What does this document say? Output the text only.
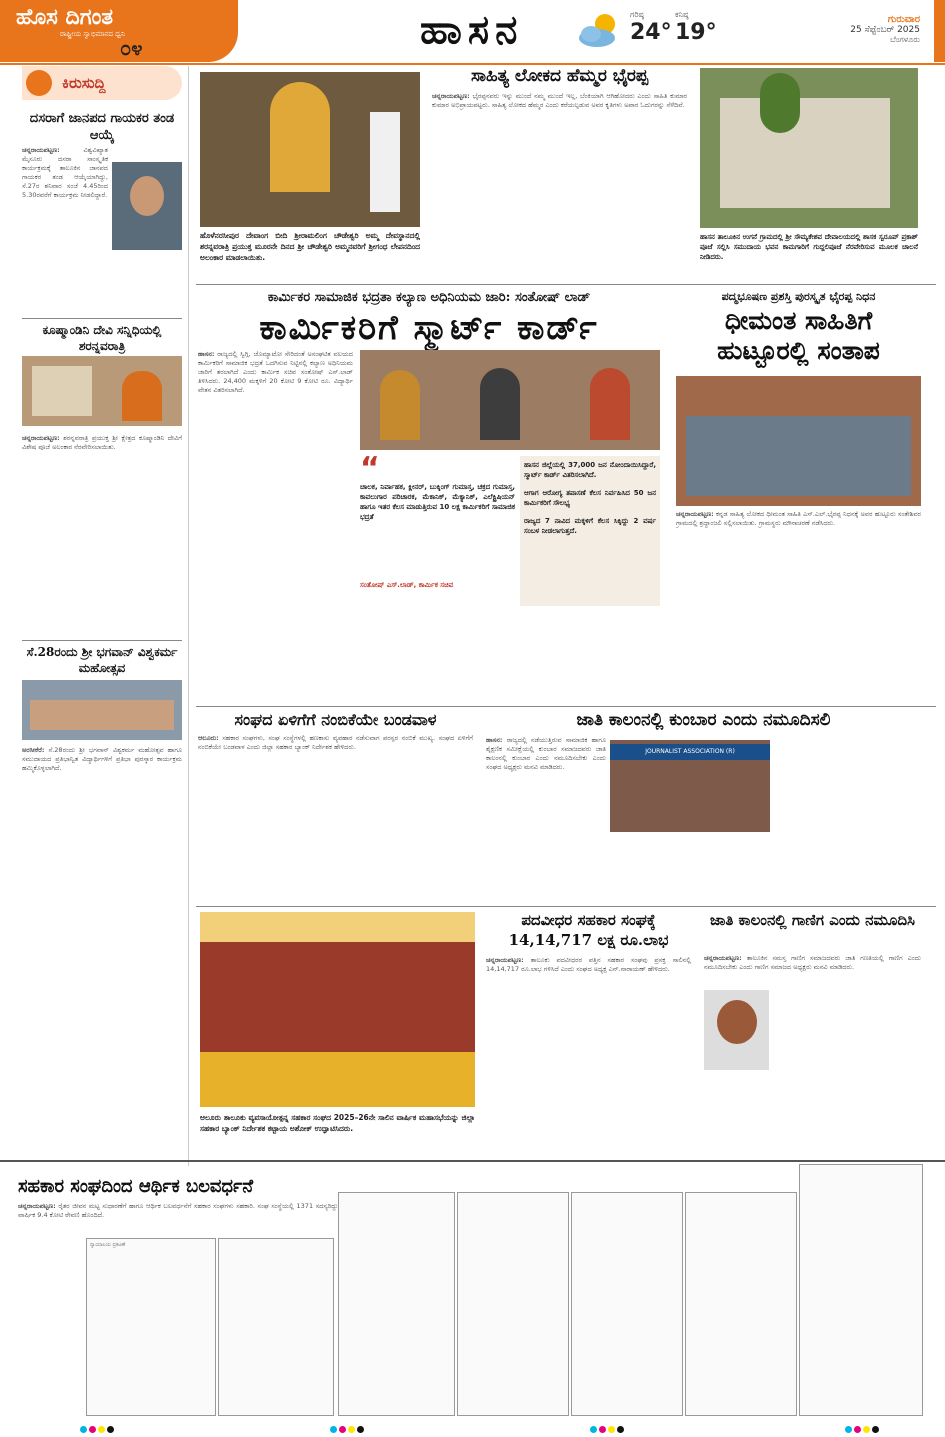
ಹೊಸ ದಿಗಂತ
ರಾಷ್ಟ್ರೀಯ ಸ್ವಾಭಿಮಾನದ ಧ್ವನಿ
೦೪	ಹಾಸನ	ಗರಿಷ್ಠ
24°
ಕನಿಷ್ಠ
19°
ಗುರುವಾರ
25 ಸೆಪ್ಟೆಂಬರ್ 2025
ಬೆಂಗಳೂರು
ಕಿರುಸುದ್ದಿ
ದಸರಾಗೆ ಜಾನಪದ ಗಾಯಕರ ತಂಡ ಆಯ್ಕೆ
ಚನ್ನರಾಯಪಟ್ಟಣ:	ವಿಶ್ವವಿಖ್ಯಾತ ಮೈಸೂರು ದಸರಾ ಸಾಂಸ್ಕೃತಿಕ ಕಾರ್ಯಕ್ರಮಕ್ಕೆ ತಾಲೂಕಿನ ಜಾನಪದ ಗಾಯಕರ ತಂಡ ಆಯ್ಕೆಯಾಗಿದ್ದು, ಸೆ.27ರ ಶನಿವಾರ ಸಂಜೆ 4.45ರಿಂದ 5.30ರವರೆಗೆ ಕಾರ್ಯಕ್ರಮ ನೀಡಲಿದ್ದಾರೆ.
ಕೂಷ್ಮಾಂಡಿನಿ ದೇವಿ ಸನ್ನಿಧಿಯಲ್ಲಿ ಶರನ್ನವರಾತ್ರಿ
ಚನ್ನರಾಯಪಟ್ಟಣ: ಶರನ್ನವರಾತ್ರಿ ಪ್ರಯುಕ್ತ ಶ್ರೀ ಕ್ಷೇತ್ರದ ಕೂಷ್ಮಾಂಡಿನಿ ದೇವಿಗೆ ವಿಶೇಷ ಪೂಜೆ ಅಲಂಕಾರ ನೆರವೇರಿಸಲಾಯಿತು.
ಸೆ.28ರಂದು ಶ್ರೀ ಭಗವಾನ್ ವಿಶ್ವಕರ್ಮ ಮಹೋತ್ಸವ
ಅರಸೀಕೆರೆ: ಸೆ.28ರಂದು ಶ್ರೀ ಭಗವಾನ್ ವಿಶ್ವಕರ್ಮ ಮಹೋತ್ಸವ ಹಾಗೂ ಸಮುದಾಯದ ಪ್ರತಿಭಾನ್ವಿತ ವಿದ್ಯಾರ್ಥಿಗಳಿಗೆ ಪ್ರತಿಭಾ ಪುರಸ್ಕಾರ ಕಾರ್ಯಕ್ರಮ ಹಮ್ಮಿಕೊಳ್ಳಲಾಗಿದೆ.
ಹೊಳೆನರಸೀಪುರ ದೇವಾಂಗ ಬೀದಿ ಶ್ರೀರಾಮಲಿಂಗ ಚೌಡೇಶ್ವರಿ ಅಮ್ಮ ದೇವಸ್ಥಾನದಲ್ಲಿ ಶರನ್ನವರಾತ್ರಿ ಪ್ರಯುಕ್ತ ಮೂರನೇ ದಿನದ ಶ್ರೀ ಚೌಡೇಶ್ವರಿ ಅಮ್ಮನವರಿಗೆ ಶ್ರೀಗಂಧ ಲೇಪನದಿಂದ ಅಲಂಕಾರ ಮಾಡಲಾಯಿತು.
ಸಾಹಿತ್ಯ ಲೋಕದ ಹೆಮ್ಮರ ಭೈರಪ್ಪ
ಚನ್ನರಾಯಪಟ್ಟಣ: ಭೈರಪ್ಪನವರು ಇನ್ನು ಮುಂದೆ ನಮ್ಮ ಮುಂದೆ ಇಲ್ಲ, ಬೆಂಕಿಯಾಗಿ ಆಗಿಹೋದರು ಎಂದು ಸಾಹಿತಿ ಕುಮಾರ ಕುಮಾರ ಅಭಿಪ್ರಾಯಪಟ್ಟರು. ಸಾಹಿತ್ಯ ಲೋಕದ ಹೆಮ್ಮರ ಎಂದು ಕರೆಯಲ್ಪಡುವ ಅವರ ಕೃತಿಗಳು ಅಪಾರ ಓದುಗರನ್ನು ಸೆಳೆದಿವೆ.
ಹಾಸನ ತಾಲೂಕಿನ ಉಗನೆ ಗ್ರಾಮದಲ್ಲಿ ಶ್ರೀ ಸೌಮ್ಯಕೇಶವ ದೇವಾಲಯದಲ್ಲಿ ಶಾಸಕ ಸ್ವರೂಪ್ ಪ್ರಕಾಶ್ ಪೂಜೆ ಸಲ್ಲಿಸಿ ಸಮುದಾಯ ಭವನ ಕಾಮಗಾರಿಗೆ ಗುದ್ದಲಿಪೂಜೆ ನೆರವೇರಿಸುವ ಮೂಲಕ ಚಾಲನೆ ನೀಡಿದರು.
ಕಾರ್ಮಿಕರ ಸಾಮಾಜಿಕ ಭದ್ರತಾ ಕಲ್ಯಾಣ ಅಧಿನಿಯಮ ಜಾರಿ: ಸಂತೋಷ್ ಲಾಡ್
ಕಾರ್ಮಿಕರಿಗೆ ಸ್ಮಾರ್ಟ್ ಕಾರ್ಡ್
ಹಾಸನ: ರಾಜ್ಯದಲ್ಲಿ ಸ್ವಿಗ್ಗಿ, ಜೊಮ್ಯಾಟೋ ಸೇರಿದಂತೆ ಅಸಂಘಟಿತ ವಲಯದ ಕಾರ್ಮಿಕರಿಗೆ ಸಾಮಾಜಿಕ ಭದ್ರತೆ ಒದಗಿಸುವ ನಿಟ್ಟಿನಲ್ಲಿ ಕಲ್ಯಾಣ ಅಧಿನಿಯಮ ಜಾರಿಗೆ ತರಲಾಗಿದೆ ಎಂದು ಕಾರ್ಮಿಕ ಸಚಿವ ಸಂತೋಷ್ ಎಸ್.ಲಾಡ್ ತಿಳಿಸಿದರು. 24,400 ಮಕ್ಕಳಿಗೆ 20 ಕೋಟಿ 9 ಕೋಟಿ ರೂ. ವಿದ್ಯಾರ್ಥಿ ವೇತನ ವಿತರಿಸಲಾಗಿದೆ.
“
ಚಾಲಕ, ನಿರ್ವಾಹಕ, ಕ್ಲೀನರ್, ಬುಕ್ಕಿಂಗ್ ಗುಮಾಸ್ತ, ಚಕ್ರದ ಗುಮಾಸ್ತ, ಕಾವಲುಗಾರ ಪರಿಚಾರಕ, ಮೆಕಾನಿಕ್, ಮೆಕ್ಯಾನಿಕ್, ಎಲೆಕ್ಟ್ರಿಷಿಯನ್ ಹಾಗೂ ಇತರ ಕೆಲಸ ಮಾಡುತ್ತಿರುವ 10 ಲಕ್ಷ ಕಾರ್ಮಿಕರಿಗೆ ಸಾಮಾಜಿಕ ಭದ್ರತೆ
ಸಂತೋಷ್ ಎಸ್.ಲಾಡ್, ಕಾರ್ಮಿಕ ಸಚಿವ
ಹಾಸನ ಜಿಲ್ಲೆಯಲ್ಲಿ 37,000 ಜನ ನೋಂದಾಯಿಸಿದ್ದಾರೆ, ಸ್ಮಾರ್ಟ್ ಕಾರ್ಡ್ ವಿತರಿಸಲಾಗಿದೆ.
ಆಗಾಗ ಆರೋಗ್ಯ ತಪಾಸಣೆ ಕೆಲಸ ನಿರ್ವಹಿಸಿದ 50 ಜನ ಕಾರ್ಮಿಕರಿಗೆ ಸೌಲಭ್ಯ
ರಾಜ್ಯದ 7 ನಾವಿದ ಮಕ್ಕಳಿಗೆ ಕೆಲಸ ಸಿಕ್ಕಿದ್ದು 2 ವರ್ಷ ಸಂಬಳ ನೀಡಲಾಗುತ್ತದೆ.
ಪದ್ಮಭೂಷಣ ಪ್ರಶಸ್ತಿ ಪುರಸ್ಕೃತ ಭೈರಪ್ಪ ನಿಧನ
ಧೀಮಂತ ಸಾಹಿತಿಗೆ ಹುಟ್ಟೂರಲ್ಲಿ ಸಂತಾಪ
ಚನ್ನರಾಯಪಟ್ಟಣ: ಕನ್ನಡ ಸಾಹಿತ್ಯ ಲೋಕದ ಧೀಮಂತ ಸಾಹಿತಿ ಎಸ್.ಎಲ್.ಭೈರಪ್ಪ ನಿಧನಕ್ಕೆ ಅವರ ಹುಟ್ಟೂರು ಸಂತೇಶಿವರ ಗ್ರಾಮದಲ್ಲಿ ಶ್ರದ್ಧಾಂಜಲಿ ಸಲ್ಲಿಸಲಾಯಿತು. ಗ್ರಾಮಸ್ಥರು ಮೌನಾಚರಣೆ ನಡೆಸಿದರು.
ಸಂಘದ ಏಳಿಗೆಗೆ ನಂಬಿಕೆಯೇ ಬಂಡವಾಳ
ಆಲೂರು: ಸಹಕಾರ ಸಂಘಗಳು, ಸಂಘ ಸಂಸ್ಥೆಗಳಲ್ಲಿ ಹಣಕಾಸು ವ್ಯವಹಾರ ನಡೆಸುವಾಗ ಪರಸ್ಪರ ನಂಬಿಕೆ ಮುಖ್ಯ. ಸಂಘದ ಏಳಿಗೆಗೆ ನಂಬಿಕೆಯೇ ಬಂಡವಾಳ ಎಂದು ಜಿಲ್ಲಾ ಸಹಕಾರ ಬ್ಯಾಂಕ್ ನಿರ್ದೇಶಕ ಹೇಳಿದರು.
ಜಾತಿ ಕಾಲಂನಲ್ಲಿ ಕುಂಬಾರ ಎಂದು ನಮೂದಿಸಲಿ
ಹಾಸನ: ರಾಜ್ಯದಲ್ಲಿ ನಡೆಯುತ್ತಿರುವ ಸಾಮಾಜಿಕ ಹಾಗೂ ಶೈಕ್ಷಣಿಕ ಸಮೀಕ್ಷೆಯಲ್ಲಿ ಕುಂಬಾರ ಸಮಾಜದವರು ಜಾತಿ ಕಾಲಂನಲ್ಲಿ ಕುಂಬಾರ ಎಂದು ನಮೂದಿಸಬೇಕು ಎಂದು ಸಂಘದ ಅಧ್ಯಕ್ಷರು ಮನವಿ ಮಾಡಿದರು.
JOURNALIST ASSOCIATION (R)
ಆಲೂರು ತಾಲೂಕು ವ್ಯವಸಾಯೋತ್ಪನ್ನ ಸಹಕಾರ ಸಂಘದ 2025–26ನೇ ಸಾಲಿನ ವಾರ್ಷಿಕ ಮಹಾಸಭೆಯನ್ನು ಜಿಲ್ಲಾ ಸಹಕಾರ ಬ್ಯಾಂಕ್ ನಿರ್ದೇಶಕ ಕಟ್ಟಾಯ ಅಶೋಕ್ ಉದ್ಘಾಟಿಸಿದರು.
ಪದವೀಧರ ಸಹಕಾರ ಸಂಘಕ್ಕೆ 14,14,717 ಲಕ್ಷ ರೂ.ಲಾಭ
ಚನ್ನರಾಯಪಟ್ಟಣ: ತಾಲೂಕು ಪದವೀಧರರ ಪತ್ತಿನ ಸಹಕಾರ ಸಂಘವು ಪ್ರಸಕ್ತ ಸಾಲಿನಲ್ಲಿ 14,14,717 ರೂ.ಲಾಭ ಗಳಿಸಿದೆ ಎಂದು ಸಂಘದ ಅಧ್ಯಕ್ಷ ಎನ್.ನಾರಾಯಣ್ ಹೇಳಿದರು.
ಜಾತಿ ಕಾಲಂನಲ್ಲಿ ಗಾಣಿಗ ಎಂದು ನಮೂದಿಸಿ
ಚನ್ನರಾಯಪಟ್ಟಣ: ತಾಲೂಕಿನ ಸಮಸ್ತ ಗಾಣಿಗ ಸಮಾಜದವರು ಜಾತಿ ಗಣತಿಯಲ್ಲಿ ಗಾಣಿಗ ಎಂದು ನಮೂದಿಸಬೇಕು ಎಂದು ಗಾಣಿಗ ಸಮಾಜದ ಅಧ್ಯಕ್ಷರು ಮನವಿ ಮಾಡಿದರು.
ಸಹಕಾರ ಸಂಘದಿಂದ ಆರ್ಥಿಕ ಬಲವರ್ಧನೆ
ಚನ್ನರಾಯಪಟ್ಟಣ: ರೈತರ ಜೀವನ ಮಟ್ಟ ಸುಧಾರಣೆಗೆ ಹಾಗೂ ಆರ್ಥಿಕ ಬಲವರ್ಧನೆಗೆ ಸಹಕಾರ ಸಂಘಗಳು ಸಹಕಾರಿ. ಸಂಘ ಸಂಸ್ಥೆಯಲ್ಲಿ 1371 ಸದಸ್ಯರಿದ್ದು ವಾರ್ಷಿಕ 9.4 ಕೋಟಿ ಠೇವಣಿ ಹೊಂದಿದೆ.
ನ್ಯಾಯಾಲಯ ಪ್ರಕಟಣೆ
